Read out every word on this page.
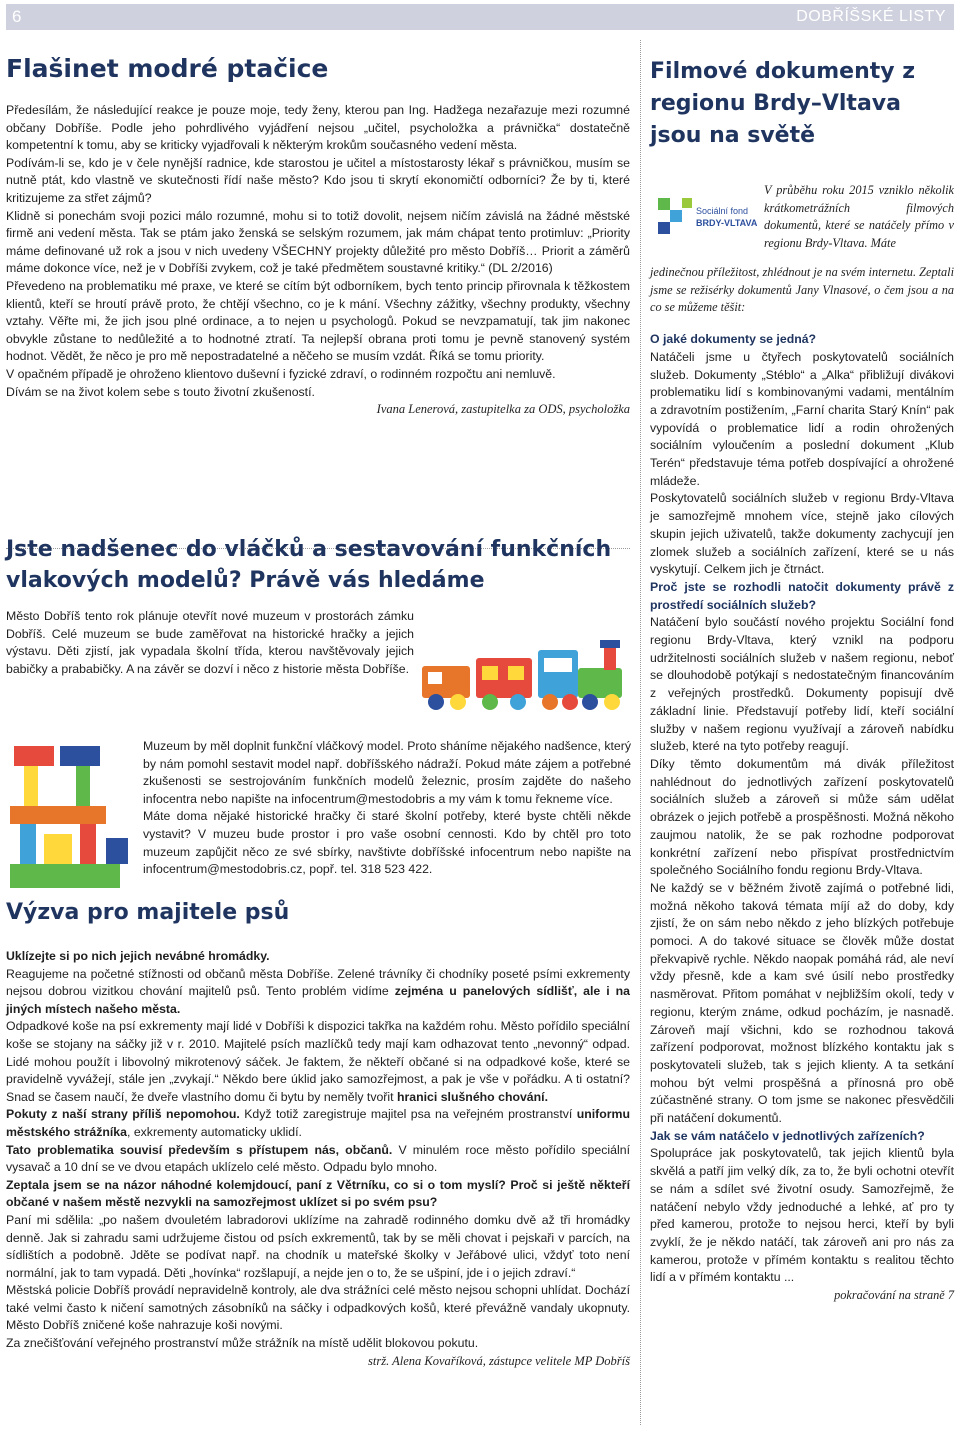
6	DOBŘÍŠSKÉ LISTY
Flašinet modré ptačice

Předesílám, že následující reakce je pouze moje, tedy ženy, kterou pan Ing. Hadžega nezařazuje mezi rozumné občany Dobříše. Podle jeho pohrdlivého vyjádření nejsou „učitel, psycholožka a právnička“ dostatečně kompetentní k tomu, aby se kriticky vyjadřovali k některým krokům současného vedení města.

Podívám-li se, kdo je v čele nynější radnice, kde starostou je učitel a místostarosty lékař s právničkou, musím se nutně ptát, kdo vlastně ve skutečnosti řídí naše město? Kdo jsou ti skrytí ekonomičtí odborníci? Že by ti, které kritizujeme za střet zájmů?

Klidně si ponechám svoji pozici málo rozumné, mohu si to totiž dovolit, nejsem ničím závislá na žádné městské firmě ani vedení města. Tak se ptám jako ženská se selským rozumem, jak mám chápat tento protimluv: „Priority máme definované už rok a jsou v nich uvedeny VŠECHNY projekty důležité pro město Dobříš… Priorit a záměrů máme dokonce více, než je v Dobříši zvykem, což je také předmětem soustavné kritiky.“ (DL 2/2016)

Převedeno na problematiku mé praxe, ve které se cítím být odborníkem, bych tento princip přirovnala k těžkostem klientů, kteří se hroutí právě proto, že chtějí všechno, co je k mání. Všechny zážitky, všechny produkty, všechny vztahy. Věřte mi, že jich jsou plné ordinace, a to nejen u psychologů. Pokud se nevzpamatují, tak jim nakonec obvykle zůstane to nedůležité a to hodnotné ztratí. Ta nejlepší obrana proti tomu je pevně stanovený systém hodnot. Vědět, že něco je pro mě nepostradatelné a něčeho se musím vzdát. Říká se tomu priority.

V opačném případě je ohroženo klientovo duševní i fyzické zdraví, o rodinném rozpočtu ani nemluvě.

Dívám se na život kolem sebe s touto životní zkušeností.

Ivana Lenerová, zastupitelka za ODS, psycholožka

Jste nadšenec do vláčků a sestavování funkčních vlakových modelů? Právě vás hledáme

Město Dobříš tento rok plánuje otevřít nové muzeum v prostorách zámku Dobříš. Celé muzeum se bude zaměřovat na historické hračky a jejich výstavu. Děti zjistí, jak vypadala školní třída, kterou navštěvovaly jejich babičky a prababičky. A na závěr se dozví i něco z historie města Dobříše.

Muzeum by měl doplnit funkční vláčkový model. Proto sháníme nějakého nadšence, který by nám pomohl sestavit model např. dobříšského nádraží. Pokud máte zájem a potřebné zkušenosti se sestrojováním funkčních modelů železnic, prosím zajděte do našeho infocentra nebo napište na infocentrum@mestodobris a my vám k tomu řekneme více.

Máte doma nějaké historické hračky či staré školní potřeby, které byste chtěli někde vystavit? V muzeu bude prostor i pro vaše osobní cennosti. Kdo by chtěl pro toto muzeum zapůjčit něco ze své sbírky, navštivte dobříšské infocentrum nebo napište na infocentrum@mestodobris.cz, popř. tel. 318 523 422.

Výzva pro majitele psů

Uklízejte si po nich jejich nevábné hromádky.

Reagujeme na početné stížnosti od občanů města Dobříše. Zelené trávníky či chodníky poseté psími exkrementy nejsou dobrou vizitkou chování majitelů psů. Tento problém vidíme zejména u panelových sídlišť, ale i na jiných místech našeho města.

Odpadkové koše na psí exkrementy mají lidé v Dobříši k dispozici takřka na každém rohu. Město pořídilo speciální koše se stojany na sáčky již v r. 2010. Majitelé psích mazlíčků tedy mají kam odhazovat tento „nevonný“ odpad. Lidé mohou použít i libovolný mikrotenový sáček. Je faktem, že někteří občané si na odpadkové koše, které se pravidelně vyvážejí, stále jen „zvykají.“ Někdo bere úklid jako samozřejmost, a pak je vše v pořádku. A ti ostatní? Snad se časem naučí, že dveře vlastního domu či bytu by neměly tvořit hranici slušného chování.

Pokuty z naší strany příliš nepomohou. Když totiž zaregistruje majitel psa na veřejném prostranství uniformu městského strážníka, exkrementy automaticky uklidí.

Tato problematika souvisí především s přístupem nás, občanů. V minulém roce město pořídilo speciální vysavač a 10 dní se ve dvou etapách uklízelo celé město. Odpadu bylo mnoho.

Zeptala jsem se na názor náhodné kolemjdoucí, paní z Větrníku, co si o tom myslí? Proč si ještě někteří občané v našem městě nezvykli na samozřejmost uklízet si po svém psu?

Paní mi sdělila: „po našem dvouletém labradorovi uklízíme na zahradě rodinného domku dvě až tři hromádky denně. Jak si zahradu sami udržujeme čistou od psích exkrementů, tak by se měli chovat i pejskaři v parcích, na sídlištích a podobně. Jděte se podívat např. na chodník u mateřské školky v Jeřábové ulici, vždyť toto není normální, jak to tam vypadá. Děti „hovínka“ rozšlapují, a nejde jen o to, že se ušpiní, jde i o jejich zdraví.“

Městská policie Dobříš provádí nepravidelně kontroly, ale dva strážníci celé město nejsou schopni uhlídat. Dochází také velmi často k ničení samotných zásobníků na sáčky i odpadkových košů, které převážně vandaly ukopnuty. Město Dobříš zničené koše nahrazuje koši novými.

Za znečišťování veřejného prostranství může strážník na místě udělit blokovou pokutu.

strž. Alena Kovaříková, zástupce velitele MP Dobříš

Filmové dokumenty z regionu Brdy–Vltava jsou na světě
Sociální fond
BRDY-VLTAVA

V průběhu roku 2015 vzniklo několik krátkometrážních filmových dokumentů, které se natáčely přímo v regionu Brdy-Vltava. Máte

jedinečnou příležitost, zhlédnout je na svém internetu. Zeptali jsme se režisérky dokumentů Jany Vlnasové, o čem jsou a na co se můžeme těšit:

O jaké dokumenty se jedná?

Natáčeli jsme u čtyřech poskytovatelů sociálních služeb. Dokumenty „Stéblo“ a „Alka“ přibližují divákovi problematiku lidí s kombinovanými vadami, mentálním a zdravotním postižením, „Farní charita Starý Knín“ pak vypovídá o problematice lidí a rodin ohrožených sociálním vyloučením a poslední dokument „Klub Terén“ představuje téma potřeb dospívající a ohrožené mládeže.

Poskytovatelů sociálních služeb v regionu Brdy-Vltava je samozřejmě mnohem více, stejně jako cílových skupin jejich uživatelů, takže dokumenty zachycují jen zlomek služeb a sociálních zařízení, které se u nás vyskytují. Celkem jich je čtrnáct.

Proč jste se rozhodli natočit dokumenty právě z prostředí sociálních služeb?

Natáčení bylo součástí nového projektu Sociální fond regionu Brdy-Vltava, který vznikl na podporu udržitelnosti sociálních služeb v našem regionu, neboť se dlouhodobě potýkají s nedostatečným financováním z veřejných prostředků. Dokumenty popisují dvě základní linie. Představují potřeby lidí, kteří sociální služby v našem regionu využívají a zároveň nabídku služeb, které na tyto potřeby reagují.

Díky těmto dokumentům má divák příležitost nahlédnout do jednotlivých zařízení poskytovatelů sociálních služeb a zároveň si může sám udělat obrázek o jejich potřebě a prospěšnosti. Možná někoho zaujmou natolik, že se pak rozhodne podporovat konkrétní zařízení nebo přispívat prostřednictvím společného Sociálního fondu regionu Brdy-Vltava.

Ne každý se v běžném životě zajímá o potřebné lidi, možná někoho taková témata míjí až do doby, kdy zjistí, že on sám nebo někdo z jeho blízkých potřebuje pomoci. A do takové situace se člověk může dostat překvapivě rychle. Někdo naopak pomáhá rád, ale neví vždy přesně, kde a kam své úsilí nebo prostředky nasměrovat. Přitom pomáhat v nejbližším okolí, tedy v regionu, kterým známe, odkud pocházím, je nasnadě. Zároveň mají všichni, kdo se rozhodnou taková zařízení podporovat, možnost blízkého kontaktu jak s poskytovateli služeb, tak s jejich klienty. A ta setkání mohou být velmi prospěšná a přínosná pro obě zúčastněné strany. O tom jsme se nakonec přesvědčili při natáčení dokumentů.

Jak se vám natáčelo v jednotlivých zařízeních?

Spolupráce jak poskytovatelů, tak jejich klientů byla skvělá a patří jim velký dík, za to, že byli ochotni otevřít se nám a sdílet své životní osudy. Samozřejmě, že natáčení nebylo vždy jednoduché a lehké, ať pro ty před kamerou, protože to nejsou herci, kteří by byli zvyklí, že je někdo natáčí, tak zároveň ani pro nás za kamerou, protože v přímém kontaktu s realitou těchto lidí a v přímém kontaktu ...

pokračování na straně 7
